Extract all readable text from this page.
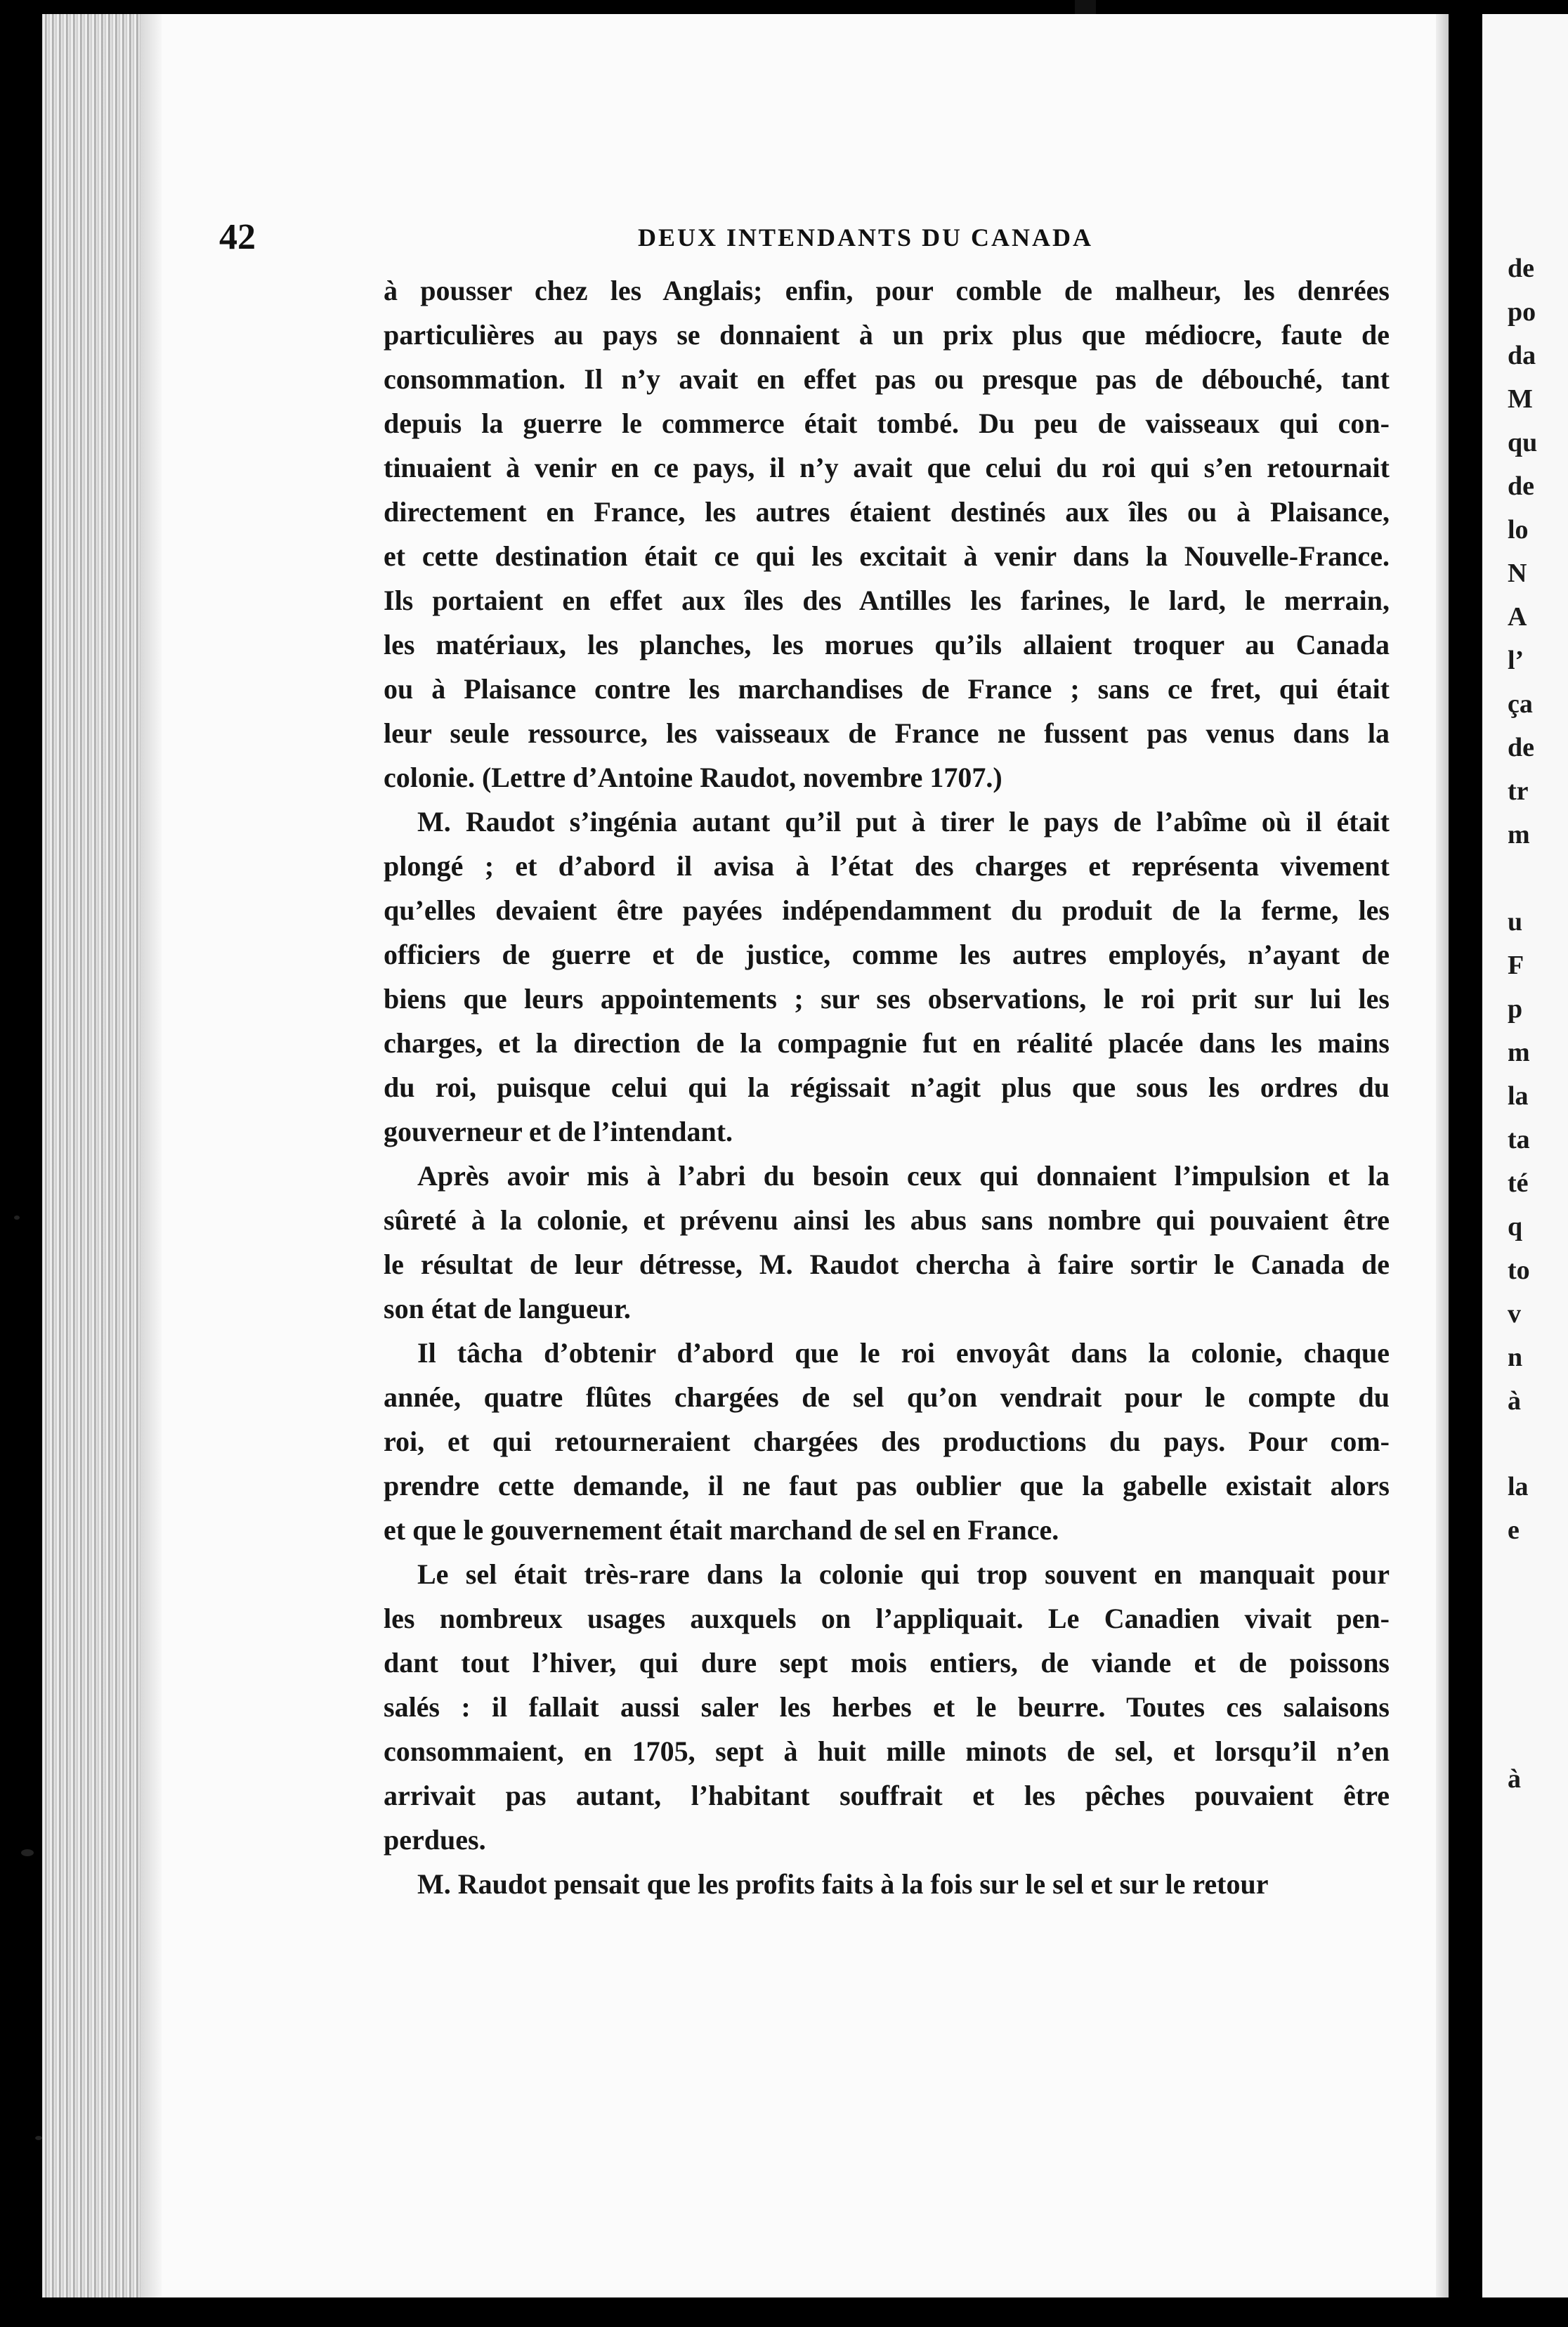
42	DEUX INTENDANTS DU CANADA
à pousser chez les Anglais; enfin, pour comble de malheur, les denrées
particulières au pays se donnaient à un prix plus que médiocre, faute de
consommation. Il n’y avait en effet pas ou presque pas de débouché, tant
depuis la guerre le commerce était tombé. Du peu de vaisseaux qui con-
tinuaient à venir en ce pays, il n’y avait que celui du roi qui s’en retournait
directement en France, les autres étaient destinés aux îles ou à Plaisance,
et cette destination était ce qui les excitait à venir dans la Nouvelle-France.
Ils portaient en effet aux îles des Antilles les farines, le lard, le merrain,
les matériaux, les planches, les morues qu’ils allaient troquer au Canada
ou à Plaisance contre les marchandises de France ; sans ce fret, qui était
leur seule ressource, les vaisseaux de France ne fussent pas venus dans la
colonie. (Lettre d’Antoine Raudot, novembre 1707.)
M. Raudot s’ingénia autant qu’il put à tirer le pays de l’abîme où il était
plongé ; et d’abord il avisa à l’état des charges et représenta vivement
qu’elles devaient être payées indépendamment du produit de la ferme, les
officiers de guerre et de justice, comme les autres employés, n’ayant de
biens que leurs appointements ; sur ses observations, le roi prit sur lui les
charges, et la direction de la compagnie fut en réalité placée dans les mains
du roi, puisque celui qui la régissait n’agit plus que sous les ordres du
gouverneur et de l’intendant.
Après avoir mis à l’abri du besoin ceux qui donnaient l’impulsion et la
sûreté à la colonie, et prévenu ainsi les abus sans nombre qui pouvaient être
le résultat de leur détresse, M. Raudot chercha à faire sortir le Canada de
son état de langueur.
Il tâcha d’obtenir d’abord que le roi envoyât dans la colonie, chaque
année, quatre flûtes chargées de sel qu’on vendrait pour le compte du
roi, et qui retourneraient chargées des productions du pays. Pour com-
prendre cette demande, il ne faut pas oublier que la gabelle existait alors
et que le gouvernement était marchand de sel en France.
Le sel était très-rare dans la colonie qui trop souvent en manquait pour
les nombreux usages auxquels on l’appliquait. Le Canadien vivait pen-
dant tout l’hiver, qui dure sept mois entiers, de viande et de poissons
salés : il fallait aussi saler les herbes et le beurre. Toutes ces salaisons
consommaient, en 1705, sept à huit mille minots de sel, et lorsqu’il n’en
arrivait pas autant, l’habitant souffrait et les pêches pouvaient être
perdues.
M. Raudot pensait que les profits faits à la fois sur le sel et sur le retour
de
po
da
M
qu
de
lo
N
A
l’
ça
de
tr
m
u
F
p
m
la
ta
té
q
to
v
n
à
la
e
à
